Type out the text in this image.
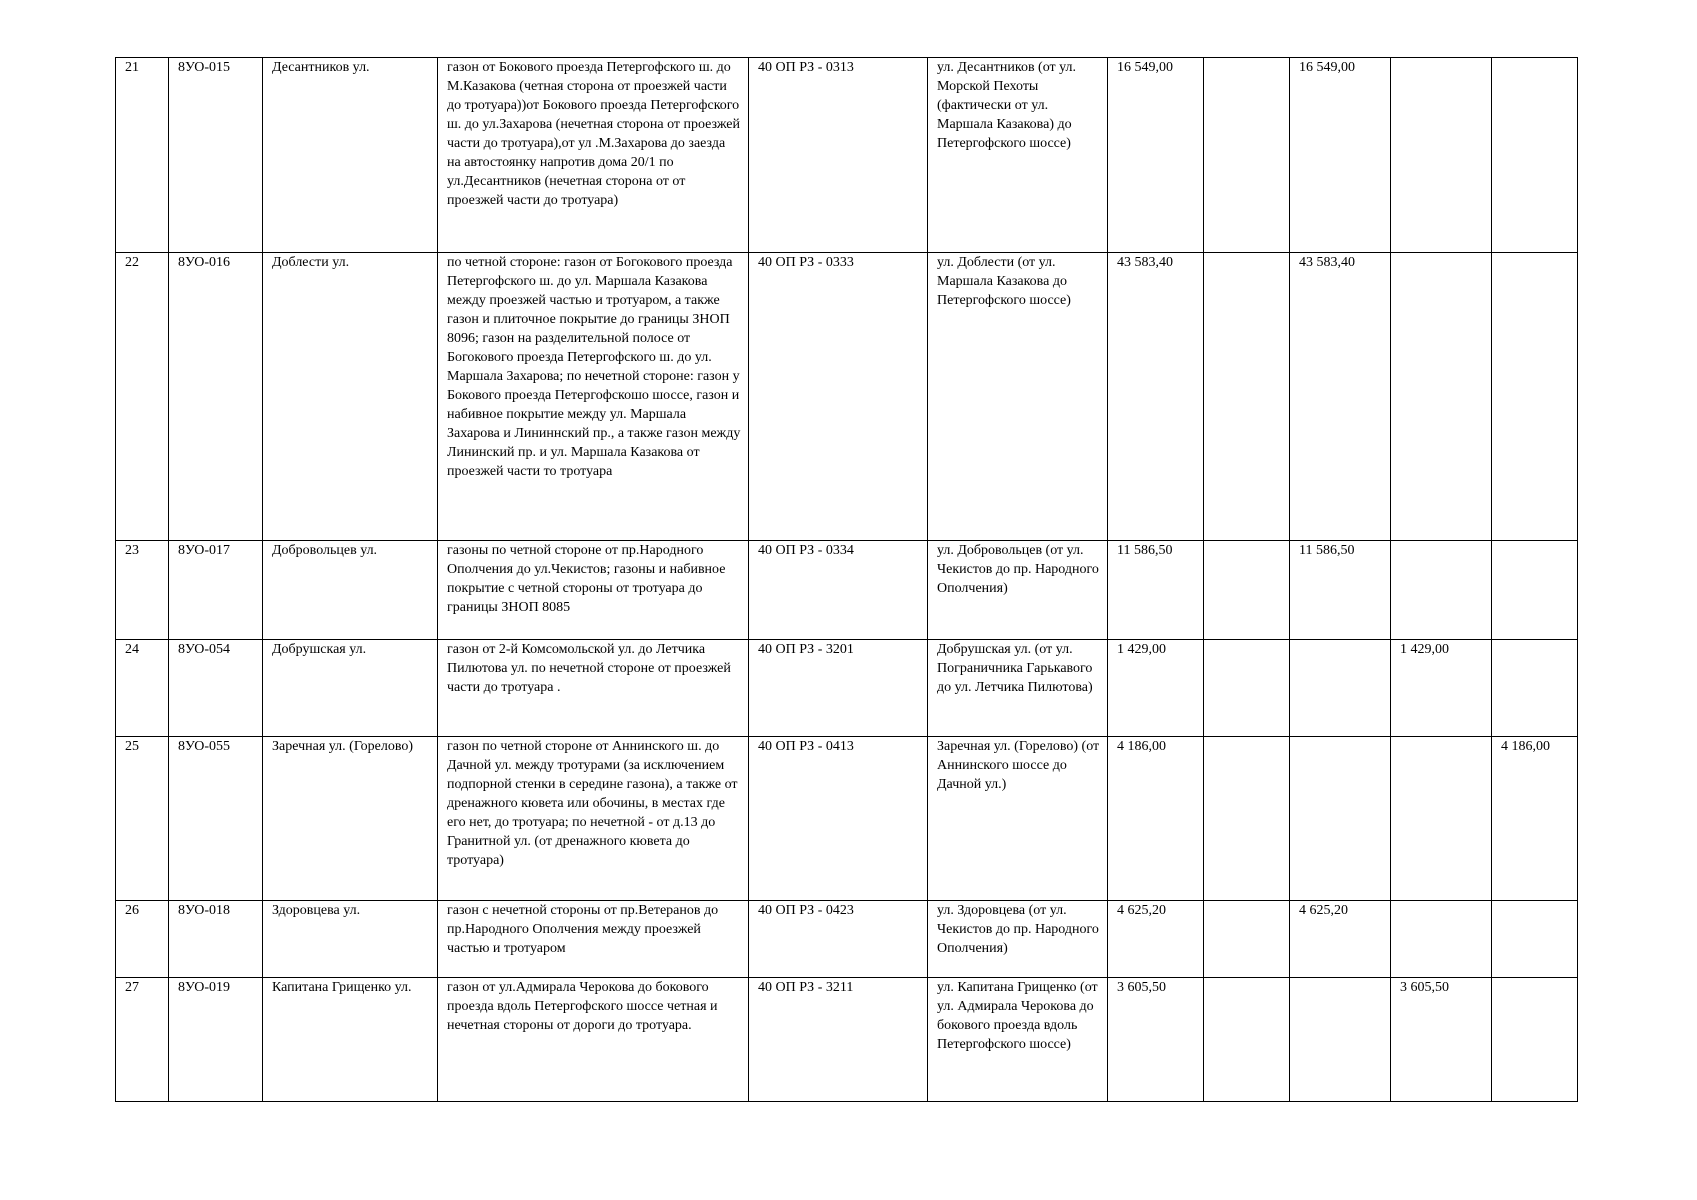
21	8УО-015	Десантников ул.	газон от Бокового проезда Петергофского ш. до М.Казакова (четная сторона от проезжей части до тротуара))от Бокового проезда Петергофского ш. до ул.Захарова (нечетная сторона от проезжей части до тротуара),от ул .М.Захарова до заезда на автостоянку напротив дома 20/1 по ул.Десантников (нечетная сторона от от проезжей части до тротуара)	40 ОП РЗ - 0313	ул. Десантников (от ул. Морской Пехоты (фактически от ул. Маршала Казакова) до Петергофского шоссе)	16 549,00		16 549,00		
22	8УО-016	Доблести ул.	по четной стороне: газон от Богокового проезда Петергофского ш. до ул. Маршала Казакова между проезжей частью и тротуаром, а также газон и плиточное покрытие до границы ЗНОП 8096; газон на разделительной полосе от Богокового проезда Петергофского ш. до ул. Маршала Захарова; по нечетной стороне: газон у Бокового проезда Петергофскошо шоссе, газон и набивное покрытие между ул. Маршала Захарова и Лининнский пр., а также газон между Лининский пр. и ул. Маршала Казакова от проезжей части то тротуара	40 ОП РЗ - 0333	ул. Доблести (от ул. Маршала Казакова до Петергофского шоссе)	43 583,40		43 583,40		
23	8УО-017	Добровольцев ул.	газоны по четной стороне от пр.Народного Ополчения до ул.Чекистов; газоны и набивное покрытие с четной стороны от тротуара до границы ЗНОП 8085	40 ОП РЗ - 0334	ул. Добровольцев (от ул. Чекистов до пр. Народного Ополчения)	11 586,50		11 586,50		
24	8УО-054	Добрушская ул.	газон от 2-й Комсомольской ул. до Летчика Пилютова ул. по нечетной стороне от проезжей части до тротуара .	40 ОП РЗ - 3201	Добрушская ул. (от ул. Пограничника Гарькавого до ул. Летчика Пилютова)	1 429,00			1 429,00	
25	8УО-055	Заречная ул. (Горелово)	газон по четной стороне от Аннинского ш. до Дачной ул. между тротурами (за исключением подпорной стенки в середине газона), а также от дренажного кювета или обочины, в местах где его нет, до тротуара; по нечетной - от д.13 до Гранитной ул. (от дренажного кювета до тротуара)	40 ОП РЗ - 0413	Заречная ул. (Горелово) (от Аннинского шоссе до Дачной ул.)	4 186,00				4 186,00
26	8УО-018	Здоровцева ул.	газон с нечетной стороны от пр.Ветеранов до пр.Народного Ополчения между проезжей частью и тротуаром	40 ОП РЗ - 0423	ул. Здоровцева (от ул. Чекистов до пр. Народного Ополчения)	4 625,20		4 625,20		
27	8УО-019	Капитана Грищенко ул.	газон от ул.Адмирала Черокова до бокового проезда вдоль Петергофского шоссе четная и нечетная стороны от дороги до тротуара.	40 ОП РЗ - 3211	ул. Капитана Грищенко (от ул. Адмирала Черокова до бокового проезда вдоль Петергофского шоссе)	3 605,50			3 605,50	
